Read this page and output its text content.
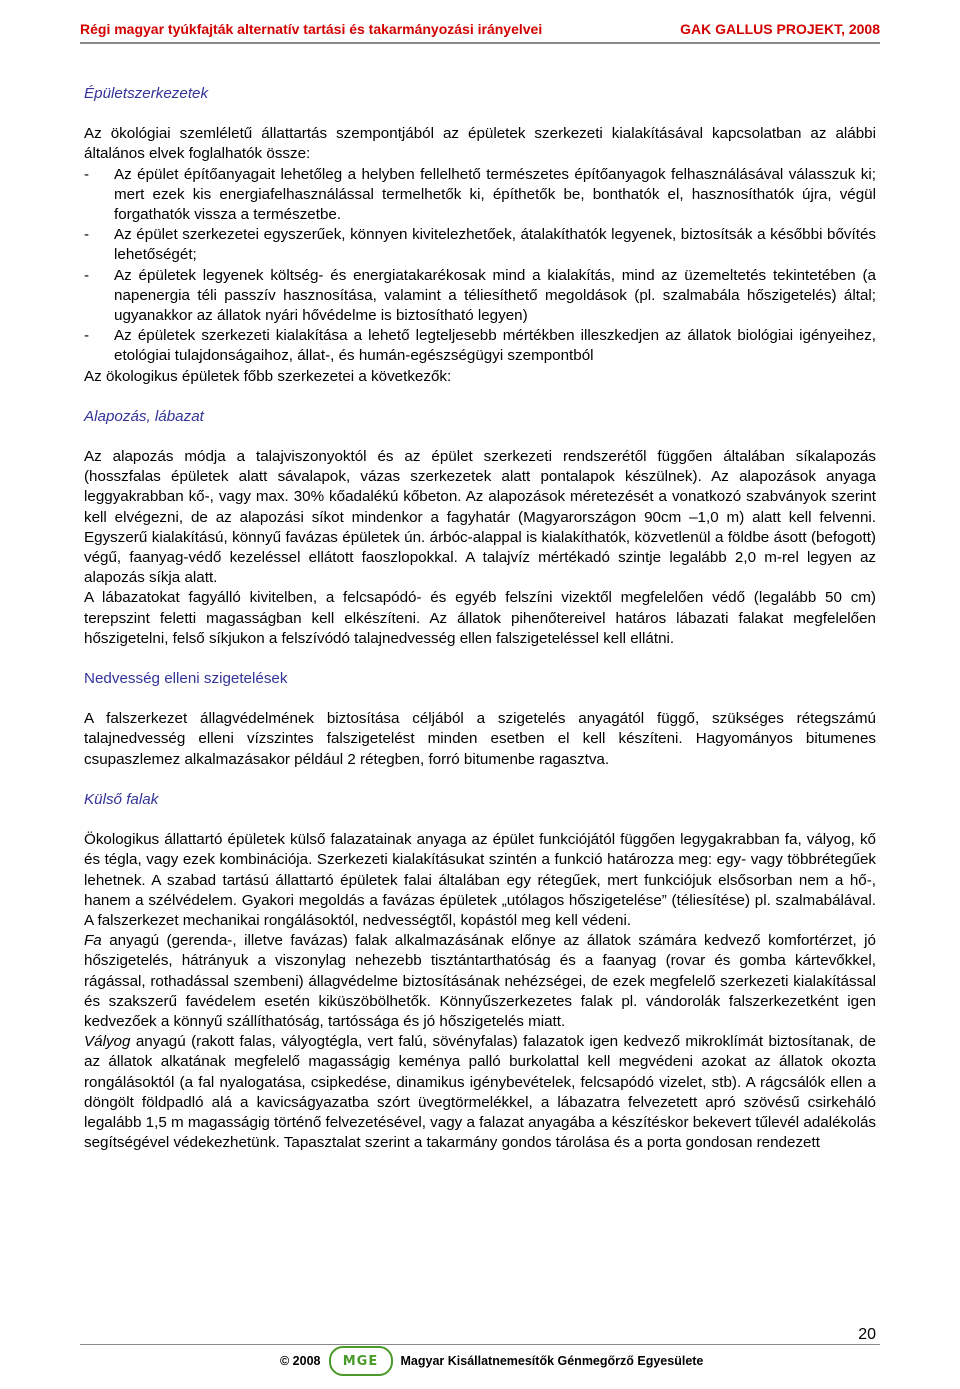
Régi magyar tyúkfajták alternatív tartási és takarmányozási irányelvei	GAK GALLUS PROJEKT, 2008

Épületszerkezetek

Az ökológiai szemléletű állattartás szempontjából az épületek szerkezeti kialakításával kapcsolatban az alábbi általános elvek foglalhatók össze:

-	Az épület építőanyagait lehetőleg a helyben fellelhető természetes építőanyagok felhasználásával válasszuk ki; mert ezek kis energiafelhasználással termelhetők ki, építhetők be, bonthatók el, hasznosíthatók újra, végül forgathatók vissza a természetbe.
-	Az épület szerkezetei egyszerűek, könnyen kivitelezhetőek, átalakíthatók legyenek, biztosítsák a későbbi bővítés lehetőségét;
-	Az épületek legyenek költség- és energiatakarékosak mind a kialakítás, mind az üzemeltetés tekintetében (a napenergia téli passzív hasznosítása, valamint a téliesíthető megoldások (pl. szalmabála hőszigetelés) által; ugyanakkor az állatok nyári hővédelme is biztosítható legyen)
-	Az épületek szerkezeti kialakítása a lehető legteljesebb mértékben illeszkedjen az állatok biológiai igényeihez, etológiai tulajdonságaihoz, állat-, és humán-egészségügyi szempontból

Az ökologikus épületek főbb szerkezetei a következők:

Alapozás, lábazat

Az alapozás módja a talajviszonyoktól és az épület szerkezeti rendszerétől függően általában síkalapozás (hosszfalas épületek alatt sávalapok, vázas szerkezetek alatt pontalapok készülnek). Az alapozások anyaga leggyakrabban kő-, vagy max. 30% kőadalékú kőbeton. Az alapozások méretezését a vonatkozó szabványok szerint kell elvégezni, de az alapozási síkot mindenkor a fagyhatár (Magyarországon 90cm –1,0 m) alatt kell felvenni. Egyszerű kialakítású, könnyű favázas épületek ún. árbóc-alappal is kialakíthatók, közvetlenül a földbe ásott (befogott) végű, faanyag-védő kezeléssel ellátott faoszlopokkal. A talajvíz mértékadó szintje legalább 2,0 m-rel legyen az alapozás síkja alatt.

A lábazatokat fagyálló kivitelben, a felcsapódó- és egyéb felszíni vizektől megfelelően védő (legalább 50 cm) terepszint feletti magasságban kell elkészíteni. Az állatok pihenőtereivel határos lábazati falakat megfelelően hőszigetelni, felső síkjukon a felszívódó talajnedvesség ellen falszigeteléssel kell ellátni.

Nedvesség elleni szigetelések

A falszerkezet állagvédelmének biztosítása céljából a szigetelés anyagától függő, szükséges rétegszámú talajnedvesség elleni vízszintes falszigetelést minden esetben el kell készíteni. Hagyományos bitumenes csupaszlemez alkalmazásakor például 2 rétegben, forró bitumenbe ragasztva.

Külső falak

Ökologikus állattartó épületek külső falazatainak anyaga az épület funkciójától függően legygakrabban fa, vályog, kő és tégla, vagy ezek kombinációja. Szerkezeti kialakításukat szintén a funkció határozza meg: egy- vagy többrétegűek lehetnek. A szabad tartású állattartó épületek falai általában egy rétegűek, mert funkciójuk elsősorban nem a hő-, hanem a szélvédelem. Gyakori megoldás a favázas épületek „utólagos hőszigetelése” (téliesítése) pl. szalmabálával. A falszerkezet mechanikai rongálásoktól, nedvességtől, kopástól meg kell védeni.

Fa anyagú (gerenda-, illetve favázas) falak alkalmazásának előnye az állatok számára kedvező komfortérzet, jó hőszigetelés, hátrányuk a viszonylag nehezebb tisztántarthatóság és a faanyag (rovar és gomba kártevőkkel, rágással, rothadással szembeni) állagvédelme biztosításának nehézségei, de ezek megfelelő szerkezeti kialakítással és szakszerű favédelem esetén kiküszöbölhetők. Könnyűszerkezetes falak pl. vándorolák falszerkezetként igen kedvezőek a könnyű szállíthatóság, tartóssága és jó hőszigetelés miatt.

Vályog anyagú (rakott falas, vályogtégla, vert falú, sövényfalas) falazatok igen kedvező mikroklímát biztosítanak, de az állatok alkatának megfelelő magasságig keménya palló burkolattal kell megvédeni azokat az állatok okozta rongálásoktól (a fal nyalogatása, csipkedése, dinamikus igénybevételek, felcsapódó vizelet, stb). A rágcsálók ellen a döngölt földpadló alá a kavicságyazatba szórt üvegtörmelékkel, a lábazatra felvezetett apró szövésű csirkeháló legalább 1,5 m magasságig történő felvezetésével, vagy a falazat anyagába a készítéskor bekevert tűlevél adalékolás segítségével védekezhetünk. Tapasztalat szerint a takarmány gondos tárolása és a porta gondosan rendezett

20
© 2008	MGE	Magyar Kisállatnemesítők Génmegőrző Egyesülete
